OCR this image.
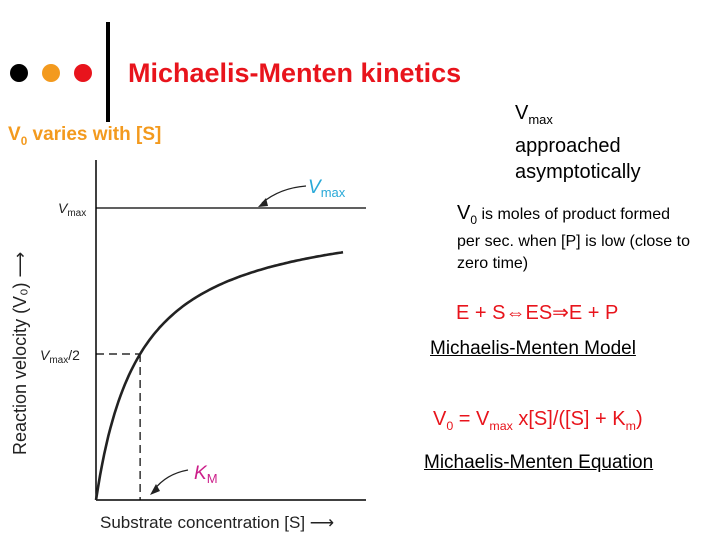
Michaelis-Menten kinetics
$V_0$ varies with [S]
$V_{max}$
approached
asymptotically
$V_0$ is moles of product formed per sec. when [P] is low (close to zero time)
E + S⇔ES⇒E + P
Michaelis-Menten Model
$V_0 = V_{max}$ $x[S]/([S] + K_m)$
Michaelis-Menten Equation
$V_{max}$
$V_{max}/2$
Reaction velocity (V₀) ⟶
Substrate concentration [S] ⟶
$V_{max}$
$K_M$
